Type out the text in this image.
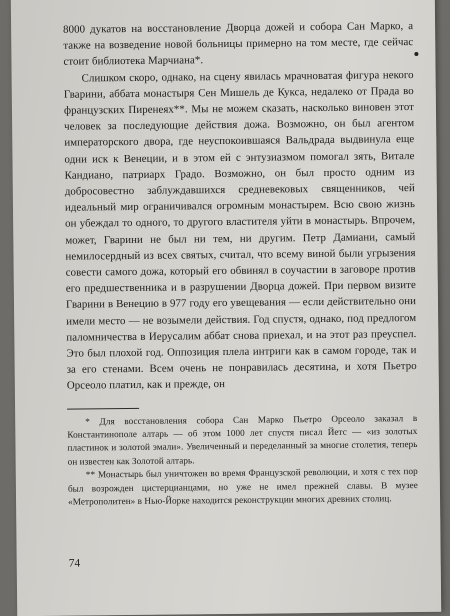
8000 дукатов на восстановление Дворца дожей и собора Сан Марко, а также на возведение новой больницы примерно на том месте, где сейчас стоит библиотека Марчиана*.

Слишком скоро, однако, на сцену явилась мрачноватая фигура некого Гварини, аббата монастыря Сен Мишель де Кукса, недалеко от Прада во французских Пиренеях**. Мы не можем сказать, насколько виновен этот человек за последующие действия дожа. Возможно, он был агентом императорского двора, где неуспокоившаяся Вальдрада выдвинула еще одни иск к Венеции, и в этом ей с энтузиазмом помогал зять, Витале Кандиано, патриарх Градо. Возможно, он был просто одним из доброcовестно заблуждавшихся средневековых священников, чей идеальный мир ограничивался огромным монастырем. Всю свою жизнь он убеждал то одного, то другого властителя уйти в монастырь. Впрочем, может, Гварини не был ни тем, ни другим. Петр Дамиани, самый немилосердный из всех святых, считал, что всему виной были угрызения совести самого дожа, который его обвинял в соучастии в заговоре против его предшественника и в разрушении Дворца дожей. При первом визите Гварини в Венецию в 977 году его увещевания — если действительно они имели место — не возымели действия. Год спустя, однако, под предлогом паломничества в Иерусалим аббат снова приехал, и на этот раз преуспел. Это был плохой год. Оппозиция плела интриги как в самом городе, так и за его стенами. Всем очень не понравилась десятина, и хотя Пьетро Орсеоло платил, как и прежде, он

* Для восстановления собора Сан Марко Пьетро Орсеоло заказал в Константинополе алтарь — об этом 1000 лет спустя писал Йетс — «из золотых пластинок и золотой эмали». Увеличенный и переделанный за многие столетия, теперь он известен как Золотой алтарь.

** Монастырь был уничтожен во время Французской революции, и хотя с тех пор был возрожден цистерцианцами, но уже не имел прежней славы. В музее «Метрополитен» в Нью-Йорке находится реконструкции многих древних столиц.

74
